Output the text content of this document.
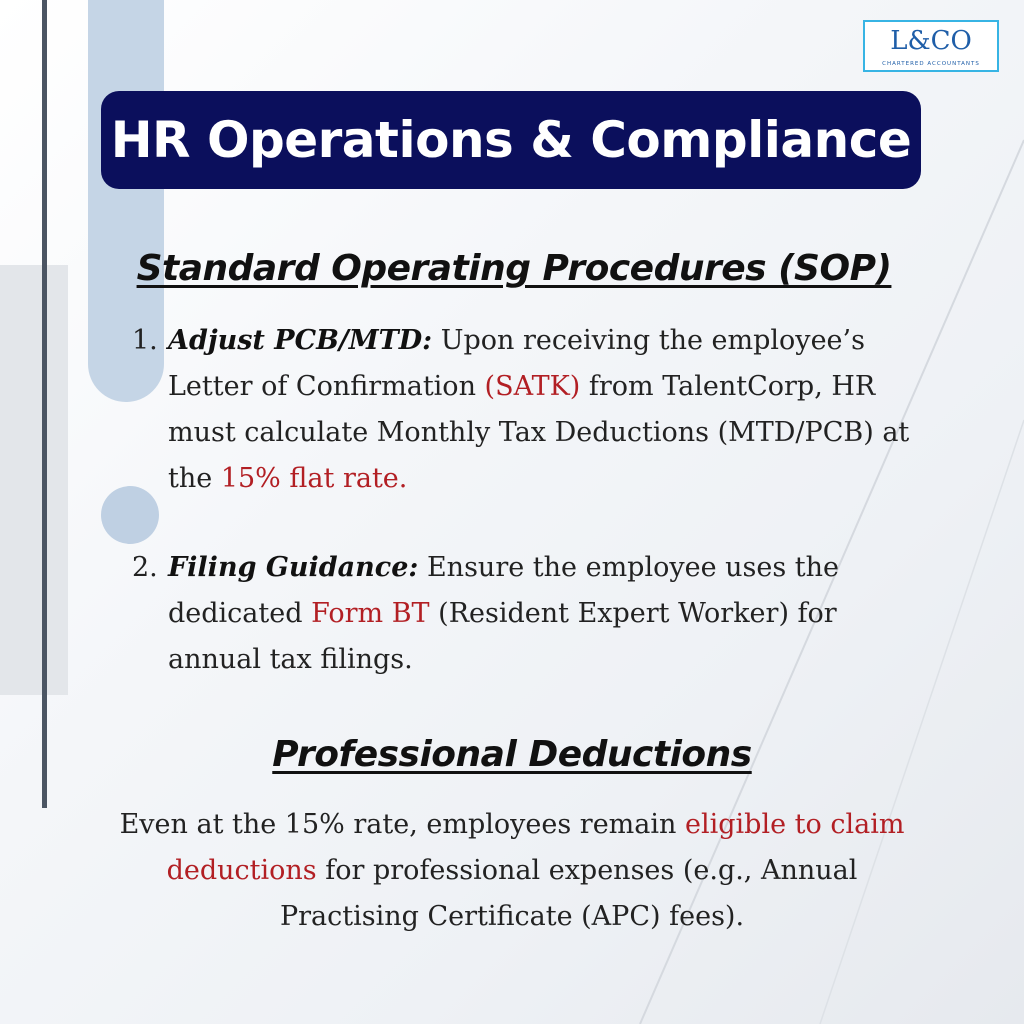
L&CO
CHARTERED ACCOUNTANTS
HR Operations & Compliance
Standard Operating Procedures (SOP)
1. Adjust PCB/MTD: Upon receiving the employee’s Letter of Confirmation (SATK) from TalentCorp, HR must calculate Monthly Tax Deductions (MTD/PCB) at the 15% flat rate.
2. Filing Guidance: Ensure the employee uses the dedicated Form BT (Resident Expert Worker) for annual tax filings.
Professional Deductions
Even at the 15% rate, employees remain eligible to claim deductions for professional expenses (e.g., Annual Practising Certificate (APC) fees).
